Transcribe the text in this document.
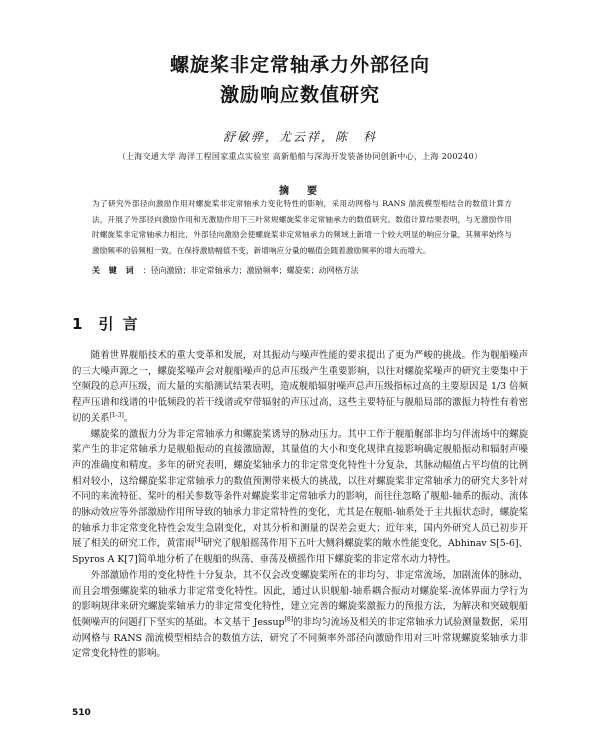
螺旋桨非定常轴承力外部径向
激励响应数值研究
舒敏骅，尤云祥，陈　科
（上海交通大学 海洋工程国家重点实验室 高新船舶与深海开发装备协同创新中心，上海 200240）
摘　要
为了研究外部径向激励作用对螺旋桨非定常轴承力变化特性的影响，采用动网格与 RANS 湍流模型相结合的数值计算方法，开展了外部径向激励作用和无激励作用下三叶常规螺旋桨非定常轴承力的数值研究。数值计算结果表明，与无激励作用时螺旋桨非定常轴承力相比，外部径向激励会使螺旋桨非定常轴承力的频域上新增一个较大明显的响应分量，其频率始终与激励频率的倍频相一致，在保持激励幅值不变，新增响应分量的幅值会随着激励频率的增大而增大。
关 键 词 ：径向激励；非定常轴承力；激励频率；螺旋桨；动网格方法
1 引 言

随着世界舰船技术的重大变革和发展，对其振动与噪声性能的要求提出了更为严峻的挑战。作为舰船噪声的三大噪声源之一，螺旋桨噪声会对舰船噪声的总声压级产生重要影响，以往对螺旋桨噪声的研究主要集中于空频段的总声压级，而大量的实船测试结果表明，造成舰船辐射噪声总声压级指标过高的主要原因是 1/3 倍频程声压谱和线谱的中低频段的若干线谱或窄带辐射的声压过高，这些主要特征与舰船局部的激振力特性有着密切的关系[1-3]。

螺旋桨的激振力分为非定常轴承力和螺旋桨诱导的脉动压力。其中工作于舰船艉部非均匀伴流场中的螺旋桨产生的非定常轴承力是舰船振动的直接激励源，其量值的大小和变化规律直接影响确定舰船振动和辐射声噪声的准确度和精度。多年的研究表明，螺旋桨轴承力的非定常变化特性十分复杂，其脉动幅值占平均值的比例相对较小，这给螺旋桨非定常轴承力的数值预测带来极大的挑战，以往对螺旋桨非定常轴承力的研究大多针对不同的来流特征、桨叶的相关参数等条件对螺旋桨非定常轴承力的影响，而往往忽略了舰船-轴系的振动、流体的脉动效应等外部激励作用所导致的轴承力非定常特性的变化，尤其是在舰船-轴系处于主共振状态时，螺旋桨的轴承力非定常变化特性会发生急剧变化，对其分析和测量的误差会更大；近年来，国内外研究人员已初步开展了相关的研究工作，黄雷雨[4]研究了舰船摇荡作用下五叶大侧斜螺旋桨的敞水性能变化，Abhinav S[5-6]、Spyros A K[7]简单地分析了在舰船的纵荡、垂荡及横摇作用下螺旋桨的非定常水动力特性。

外部激励作用的变化特性十分复杂，其不仅会改变螺旋桨所在的非均匀、非定常流场，加剧流体的脉动，而且会增强螺旋桨的轴承力非定常变化特性。因此，通过认识舰船-轴系耦合振动对螺旋桨-流体界面力学行为的影响规律来研究螺旋桨轴承力的非定常变化特性，建立完善的螺旋桨激振力的预报方法，为解决和突破舰船低频噪声的问题打下坚实的基础。本文基于 Jessup[8]的非均匀流场及相关的非定常轴承力试验测量数据，采用动网格与 RANS 湍流模型相结合的数值方法，研究了不同频率外部径向激励作用对三叶常规螺旋桨轴承力非定常变化特性的影响。

510
